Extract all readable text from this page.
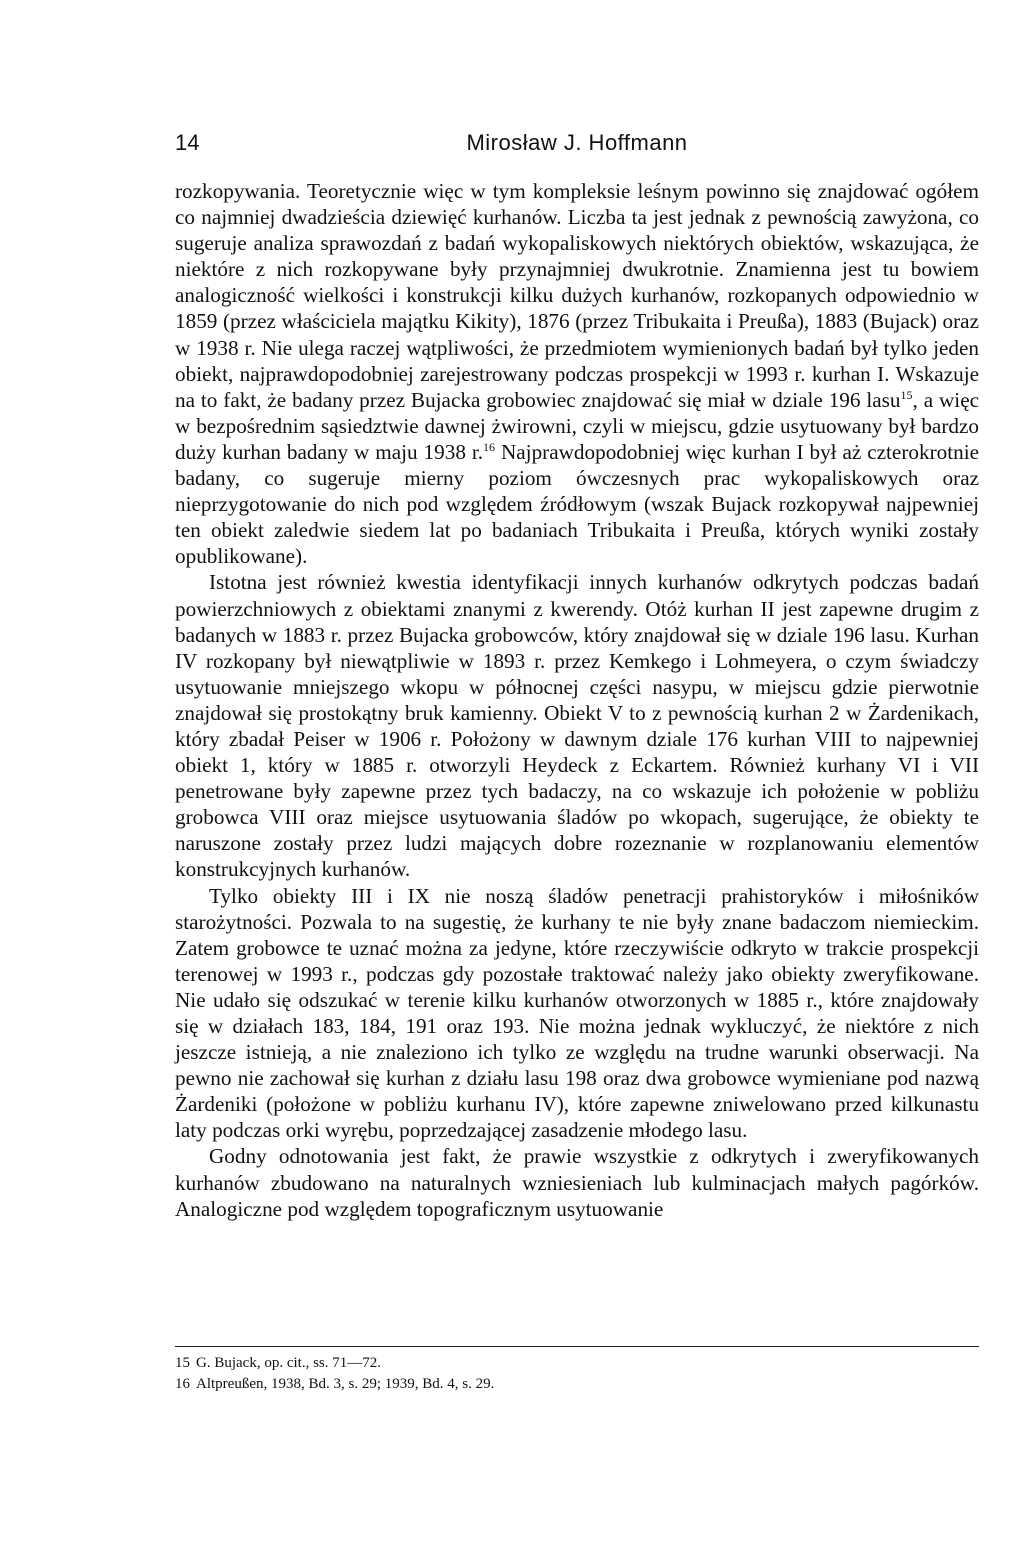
14	Mirosław J. Hoffmann

rozkopywania. Teoretycznie więc w tym kompleksie leśnym powinno się znajdować ogółem co najmniej dwadzieścia dziewięć kurhanów. Liczba ta jest jednak z pewnością zawyżona, co sugeruje analiza sprawozdań z badań wykopaliskowych niektórych obiektów, wskazująca, że niektóre z nich rozkopywane były przynajmniej dwukrotnie. Znamienna jest tu bowiem analogiczność wielkości i konstrukcji kilku dużych kurhanów, rozkopanych odpowiednio w 1859 (przez właściciela majątku Kikity), 1876 (przez Tribukaita i Preußa), 1883 (Bujack) oraz w 1938 r. Nie ulega raczej wątpliwości, że przedmiotem wymienionych badań był tylko jeden obiekt, najprawdopodobniej zarejestrowany podczas prospekcji w 1993 r. kurhan I. Wskazuje na to fakt, że badany przez Bujacka grobowiec znajdować się miał w dziale 196 lasu$^{15}$, a więc w bezpośrednim sąsiedztwie dawnej żwirowni, czyli w miejscu, gdzie usytuowany był bardzo duży kurhan badany w maju 1938 r.$^{16}$ Najprawdopodobniej więc kurhan I był aż czterokrotnie badany, co sugeruje mierny poziom ówczesnych prac wykopaliskowych oraz nieprzygotowanie do nich pod względem źródłowym (wszak Bujack rozkopywał najpewniej ten obiekt zaledwie siedem lat po badaniach Tribukaita i Preußa, których wyniki zostały opublikowane).

Istotna jest również kwestia identyfikacji innych kurhanów odkrytych podczas badań powierzchniowych z obiektami znanymi z kwerendy. Otóż kurhan II jest zapewne drugim z badanych w 1883 r. przez Bujacka grobowców, który znajdował się w dziale 196 lasu. Kurhan IV rozkopany był niewątpliwie w 1893 r. przez Kemkego i Lohmeyera, o czym świadczy usytuowanie mniejszego wkopu w północnej części nasypu, w miejscu gdzie pierwotnie znajdował się prostokątny bruk kamienny. Obiekt V to z pewnością kurhan 2 w Żardenikach, który zbadał Peiser w 1906 r. Położony w dawnym dziale 176 kurhan VIII to najpewniej obiekt 1, który w 1885 r. otworzyli Heydeck z Eckartem. Również kurhany VI i VII penetrowane były zapewne przez tych badaczy, na co wskazuje ich położenie w pobliżu grobowca VIII oraz miejsce usytuowania śladów po wkopach, sugerujące, że obiekty te naruszone zostały przez ludzi mających dobre rozeznanie w rozplanowaniu elementów konstrukcyjnych kurhanów.

Tylko obiekty III i IX nie noszą śladów penetracji prahistoryków i miłośników starożytności. Pozwala to na sugestię, że kurhany te nie były znane badaczom niemieckim. Zatem grobowce te uznać można za jedyne, które rzeczywiście odkryto w trakcie prospekcji terenowej w 1993 r., podczas gdy pozostałe traktować należy jako obiekty zweryfikowane. Nie udało się odszukać w terenie kilku kurhanów otworzonych w 1885 r., które znajdowały się w działach 183, 184, 191 oraz 193. Nie można jednak wykluczyć, że niektóre z nich jeszcze istnieją, a nie znaleziono ich tylko ze względu na trudne warunki obserwacji. Na pewno nie zachował się kurhan z działu lasu 198 oraz dwa grobowce wymieniane pod nazwą Żardeniki (położone w pobliżu kurhanu IV), które zapewne zniwelowano przed kilkunastu laty podczas orki wyrębu, poprzedzającej zasadzenie młodego lasu.

Godny odnotowania jest fakt, że prawie wszystkie z odkrytych i zweryfikowanych kurhanów zbudowano na naturalnych wzniesieniach lub kulminacjach małych pagórków. Analogiczne pod względem topograficznym usytuowanie

15 G. Bujack, op. cit., ss. 71—72.
16 Altpreußen, 1938, Bd. 3, s. 29; 1939, Bd. 4, s. 29.
